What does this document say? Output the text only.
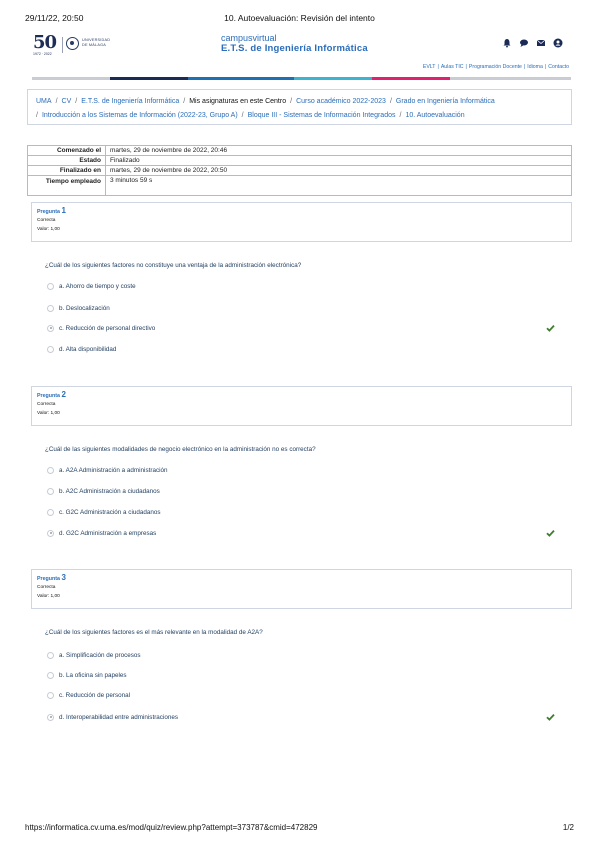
29/11/22, 20:50	10. Autoevaluación: Revisión del intento
50
1972 · 2022
UNIVERSIDAD
DE MÁLAGA
campusvirtual
E.T.S. de Ingeniería Informática
EVLT | Aulas TIC | Programación Docente | Idioma | Contacto
UMA / CV / E.T.S. de Ingeniería Informática / Mis asignaturas en este Centro / Curso académico 2022-2023 / Grado en Ingeniería Informática
/ Introducción a los Sistemas de Información (2022-23, Grupo A) / Bloque III - Sistemas de Información Integrados / 10. Autoevaluación
Comenzado el	martes, 29 de noviembre de 2022, 20:46
Estado	Finalizado
Finalizado en	martes, 29 de noviembre de 2022, 20:50
Tiempo empleado	3 minutos 59 s
Pregunta 1
Correcta
Valor: 1,00
¿Cuál de los siguientes factores no constituye una ventaja de la administración electrónica?
a. Ahorro de tiempo y coste
b. Deslocalización
c. Reducción de personal directivo
d. Alta disponibilidad
Pregunta 2
Correcta
Valor: 1,00
¿Cuál de las siguientes modalidades de negocio electrónico en la administración no es correcta?
a. A2A Administración a administración
b. A2C Administración a ciudadanos
c. G2C Administración a ciudadanos
d. G2C Administración a empresas
Pregunta 3
Correcta
Valor: 1,00
¿Cuál de los siguientes factores es el más relevante en la modalidad de A2A?
a. Simplificación de procesos
b. La oficina sin papeles
c. Reducción de personal
d. Interoperabilidad entre administraciones
https://informatica.cv.uma.es/mod/quiz/review.php?attempt=373787&cmid=472829	1/2
